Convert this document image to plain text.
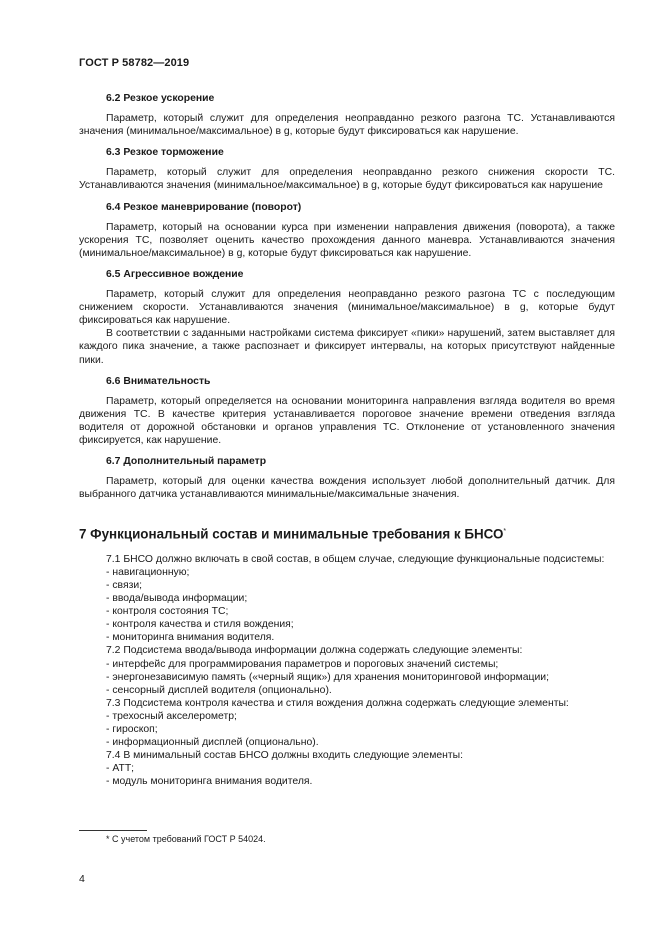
ГОСТ Р 58782—2019

6.2 Резкое ускорение

Параметр, который служит для определения неоправданно резкого разгона ТС. Устанавливаются значения (минимальное/максимальное) в g, которые будут фиксироваться как нарушение.

6.3 Резкое торможение

Параметр, который служит для определения неоправданно резкого снижения скорости ТС. Устанавливаются значения (минимальное/максимальное) в g, которые будут фиксироваться как нарушение

6.4 Резкое маневрирование (поворот)

Параметр, который на основании курса при изменении направления движения (поворота), а также ускорения ТС, позволяет оценить качество прохождения данного маневра. Устанавливаются значения (минимальное/максимальное) в g, которые будут фиксироваться как нарушение.

6.5 Агрессивное вождение

Параметр, который служит для определения неоправданно резкого разгона ТС с последующим снижением скорости. Устанавливаются значения (минимальное/максимальное) в g, которые будут фиксироваться как нарушение.

В соответствии с заданными настройками система фиксирует «пики» нарушений, затем выставляет для каждого пика значение, а также распознает и фиксирует интервалы, на которых присутствуют найденные пики.

6.6 Внимательность

Параметр, который определяется на основании мониторинга направления взгляда водителя во время движения ТС. В качестве критерия устанавливается пороговое значение времени отведения взгляда водителя от дорожной обстановки и органов управления ТС. Отклонение от установленного значения фиксируется, как нарушение.

6.7 Дополнительный параметр

Параметр, который для оценки качества вождения использует любой дополнительный датчик. Для выбранного датчика устанавливаются минимальные/максимальные значения.

7 Функциональный состав и минимальные требования к БНСО*

7.1 БНСО должно включать в свой состав, в общем случае, следующие функциональные подсистемы:

- навигационную;

- связи;

- ввода/вывода информации;

- контроля состояния ТС;

- контроля качества и стиля вождения;

- мониторинга внимания водителя.

7.2 Подсистема ввода/вывода информации должна содержать следующие элементы:

- интерфейс для программирования параметров и пороговых значений системы;

- энергонезависимую память («черный ящик») для хранения мониторинговой информации;

- сенсорный дисплей водителя (опционально).

7.3 Подсистема контроля качества и стиля вождения должна содержать следующие элементы:

- трехосный акселерометр;

- гироскоп;

- информационный дисплей (опционально).

7.4 В минимальный состав БНСО должны входить следующие элементы:

- АТТ;

- модуль мониторинга внимания водителя.

* С учетом требований ГОСТ Р 54024.
4
